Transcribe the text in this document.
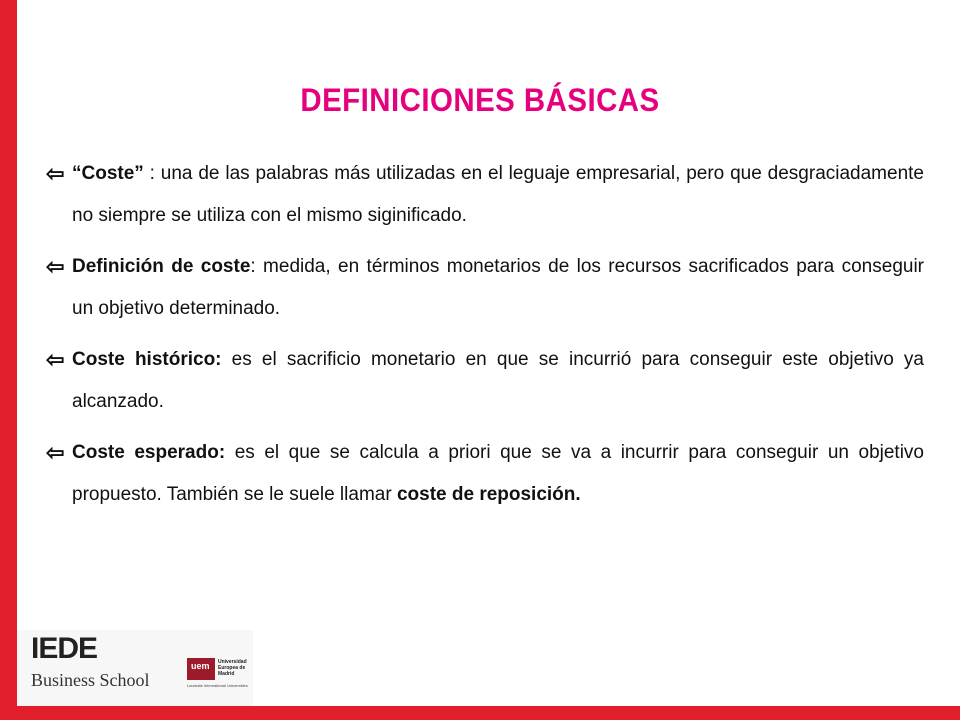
DEFINICIONES BÁSICAS
⇦ “Coste” : una de las palabras más utilizadas en el leguaje empresarial, pero que desgraciadamente no siempre se utiliza con el mismo siginificado.
⇦ Definición de coste: medida, en términos monetarios de los recursos sacrificados para conseguir un objetivo determinado.
⇦ Coste histórico: es el sacrificio monetario en que se incurrió para conseguir este objetivo ya alcanzado.
⇦ Coste esperado: es el que se calcula a priori que se va a incurrir para conseguir un objetivo propuesto. También se le suele llamar coste de reposición.
IEDE
Business School
uem Universidad Europea de Madrid
Laureate International Universities
